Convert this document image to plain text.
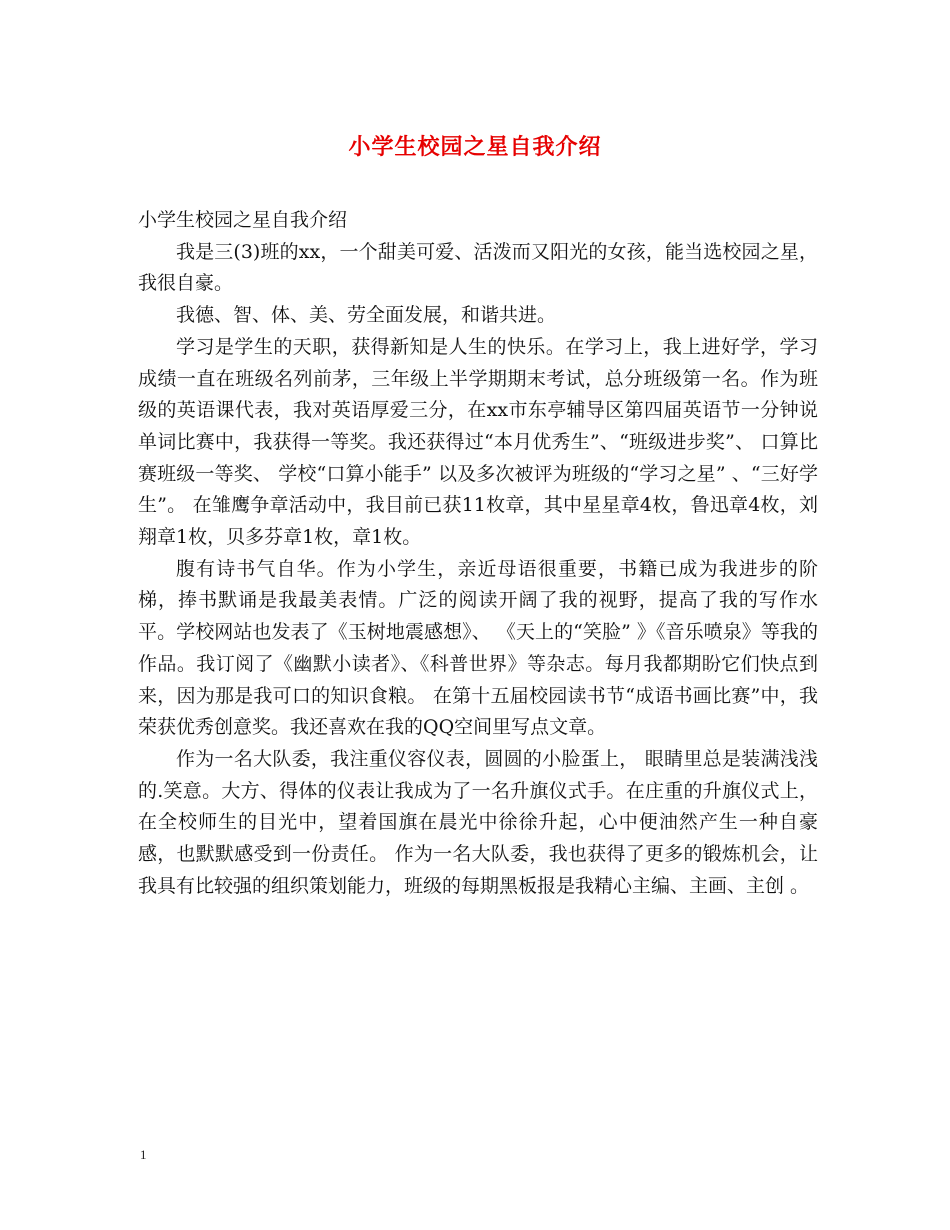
小学生校园之星自我介绍

小学生校园之星自我介绍

我是三(3)班的xx，一个甜美可爱、活泼而又阳光的女孩，能当选校园之星，我很自豪。

我德、智、体、美、劳全面发展，和谐共进。

学习是学生的天职，获得新知是人生的快乐。在学习上，我上进好学，学习成绩一直在班级名列前茅，三年级上半学期期末考试，总分班级第一名。作为班级的英语课代表，我对英语厚爱三分，在xx市东亭辅导区第四届英语节一分钟说单词比赛中，我获得一等奖。我还获得过“本月优秀生”、“班级进步奖”、 口算比赛班级一等奖、 学校“口算小能手” 以及多次被评为班级的“学习之星” 、“三好学生”。 在雏鹰争章活动中，我目前已获11枚章，其中星星章4枚，鲁迅章4枚，刘翔章1枚，贝多芬章1枚，章1枚。

腹有诗书气自华。作为小学生，亲近母语很重要，书籍已成为我进步的阶梯，捧书默诵是我最美表情。广泛的阅读开阔了我的视野，提高了我的写作水平。学校网站也发表了《玉树地震感想》、 《天上的“笑脸” 》《音乐喷泉》等我的作品。我订阅了《幽默小读者》、《科普世界》等杂志。每月我都期盼它们快点到来，因为那是我可口的知识食粮。 在第十五届校园读书节“成语书画比赛”中，我荣获优秀创意奖。我还喜欢在我的QQ空间里写点文章。

作为一名大队委，我注重仪容仪表，圆圆的小脸蛋上， 眼睛里总是装满浅浅的.笑意。大方、得体的仪表让我成为了一名升旗仪式手。在庄重的升旗仪式上，在全校师生的目光中，望着国旗在晨光中徐徐升起，心中便油然产生一种自豪感，也默默感受到一份责任。 作为一名大队委，我也获得了更多的锻炼机会，让我具有比较强的组织策划能力，班级的每期黑板报是我精心主编、主画、主创 。

1
